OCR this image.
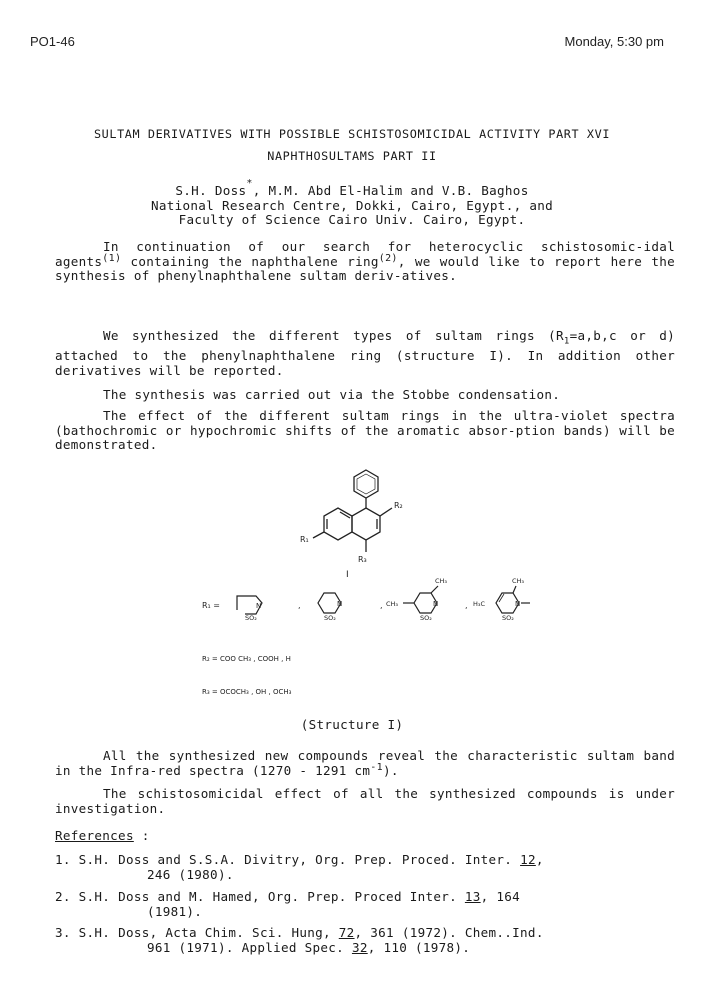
PO1-46	Monday, 5:30 pm
SULTAM DERIVATIVES WITH POSSIBLE SCHISTOSOMICIDAL ACTIVITY PART XVI
NAPHTHOSULTAMS PART II
S.H. Doss*, M.M. Abd El-Halim and V.B. Baghos
National Research Centre, Dokki, Cairo, Egypt., and
Faculty of Science Cairo Univ. Cairo, Egypt.

In continuation of our search for heterocyclic schistosomic-idal agents$^{(1)}$ containing the naphthalene ring$^{(2)}$, we would like to report here the synthesis of phenylnaphthalene sultam deriv-atives.

We synthesized the different types of sultam rings ($R_1=a,b,c$ or d) attached to the phenylnaphthalene ring (structure I). In addition other derivatives will be reported.

The synthesis was carried out via the Stobbe condensation.

The effect of the different sultam rings in the ultra-violet spectra (bathochromic or hypochromic shifts of the aromatic absor-ption bands) will be demonstrated.

R₂
R₁
R₃
I
R₁ =	N
SO₂
N
SO₂
N
SO₂
CH₃
CH₃
N
SO₂
CH₃
H₃C
,	,	,
R₂ = COO CH₃ , COOH , H
R₃ = OCOCH₃ , OH , OCH₃
(Structure I)

All the synthesized new compounds reveal the characteristic sultam band in the Infra-red spectra (1270 - 1291 cm$^{-1}$).

The schistosomicidal effect of all the synthesized compounds is under investigation.

References :
1. S.H. Doss and S.S.A. Divitry, Org. Prep. Proced. Inter. 12,
246 (1980).
2. S.H. Doss and M. Hamed, Org. Prep. Proced Inter. 13, 164
(1981).
3. S.H. Doss, Acta Chim. Sci. Hung, 72, 361 (1972). Chem..Ind.
961 (1971). Applied Spec. 32, 110 (1978).
